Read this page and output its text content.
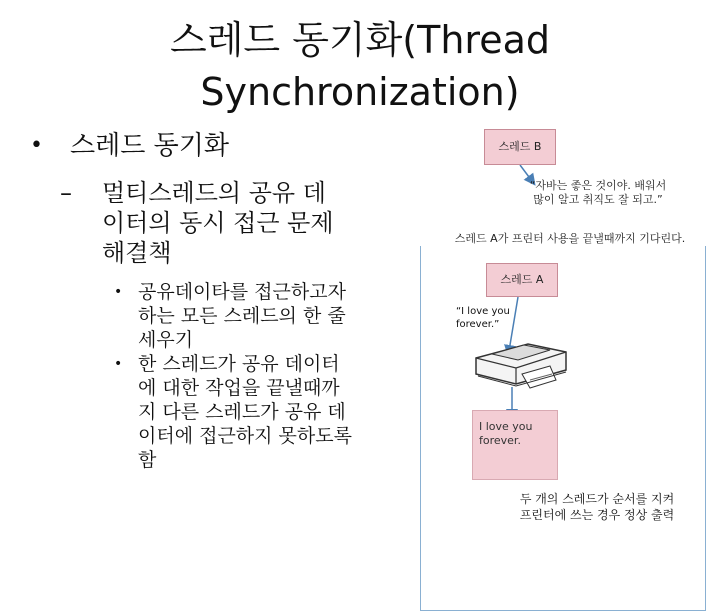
스레드 동기화(Thread
Synchronization)
•	스레드 동기화
–	멀티스레드의 공유 데이터의 동시 접근 문제 해결책
• 공유데이타를 접근하고자 하는 모든 스레드의 한 줄 세우기
• 한 스레드가 공유 데이터에 대한 작업을 끝낼때까지 다른 스레드가 공유 데이터에 접근하지 못하도록 함
스레드 B
“자바는 좋은 것이야. 배워서 많이 알고 취직도 잘 되고.”
스레드 A가 프린터 사용을 끝낼때까지 기다린다.
스레드 A
“I love you
forever.”
I love you
forever.
두 개의 스레드가 순서를 지켜
프린터에 쓰는 경우 정상 출력
